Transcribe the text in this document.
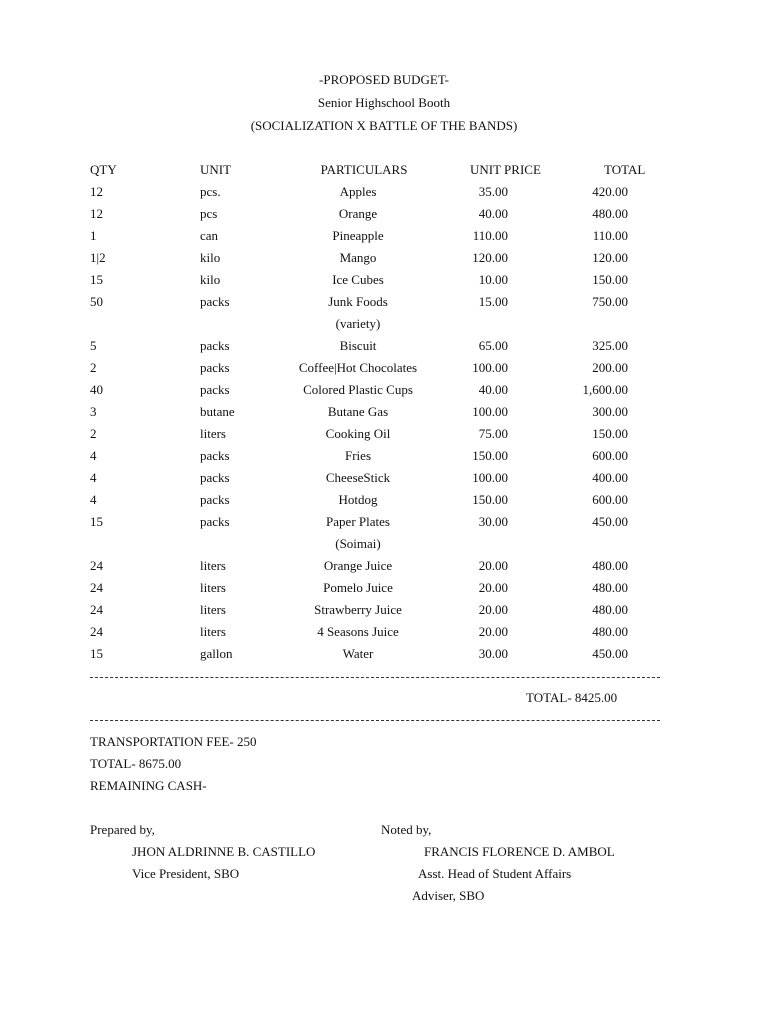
-PROPOSED BUDGET-
Senior Highschool Booth
(SOCIALIZATION X BATTLE OF THE BANDS)
QTY	UNIT	PARTICULARS	UNIT PRICE	TOTAL
12	pcs.	Apples	35.00	420.00
12	pcs	Orange	40.00	480.00
1	can	Pineapple	110.00	110.00
1|2	kilo	Mango	120.00	120.00
15	kilo	Ice Cubes	10.00	150.00
50	packs	Junk Foods	15.00	750.00
(variety)
5	packs	Biscuit	65.00	325.00
2	packs	Coffee|Hot Chocolates	100.00	200.00
40	packs	Colored Plastic Cups	40.00	1,600.00
3	butane	Butane Gas	100.00	300.00
2	liters	Cooking Oil	75.00	150.00
4	packs	Fries	150.00	600.00
4	packs	CheeseStick	100.00	400.00
4	packs	Hotdog	150.00	600.00
15	packs	Paper Plates	30.00	450.00
(Soimai)
24	liters	Orange Juice	20.00	480.00
24	liters	Pomelo Juice	20.00	480.00
24	liters	Strawberry Juice	20.00	480.00
24	liters	4 Seasons Juice	20.00	480.00
15	gallon	Water	30.00	450.00
TOTAL- 8425.00
TRANSPORTATION FEE- 250
TOTAL- 8675.00
REMAINING CASH-
Prepared by,
JHON ALDRINNE B. CASTILLO
Vice President, SBO
Noted by,
FRANCIS FLORENCE D. AMBOL
Asst. Head of Student Affairs
Adviser, SBO
